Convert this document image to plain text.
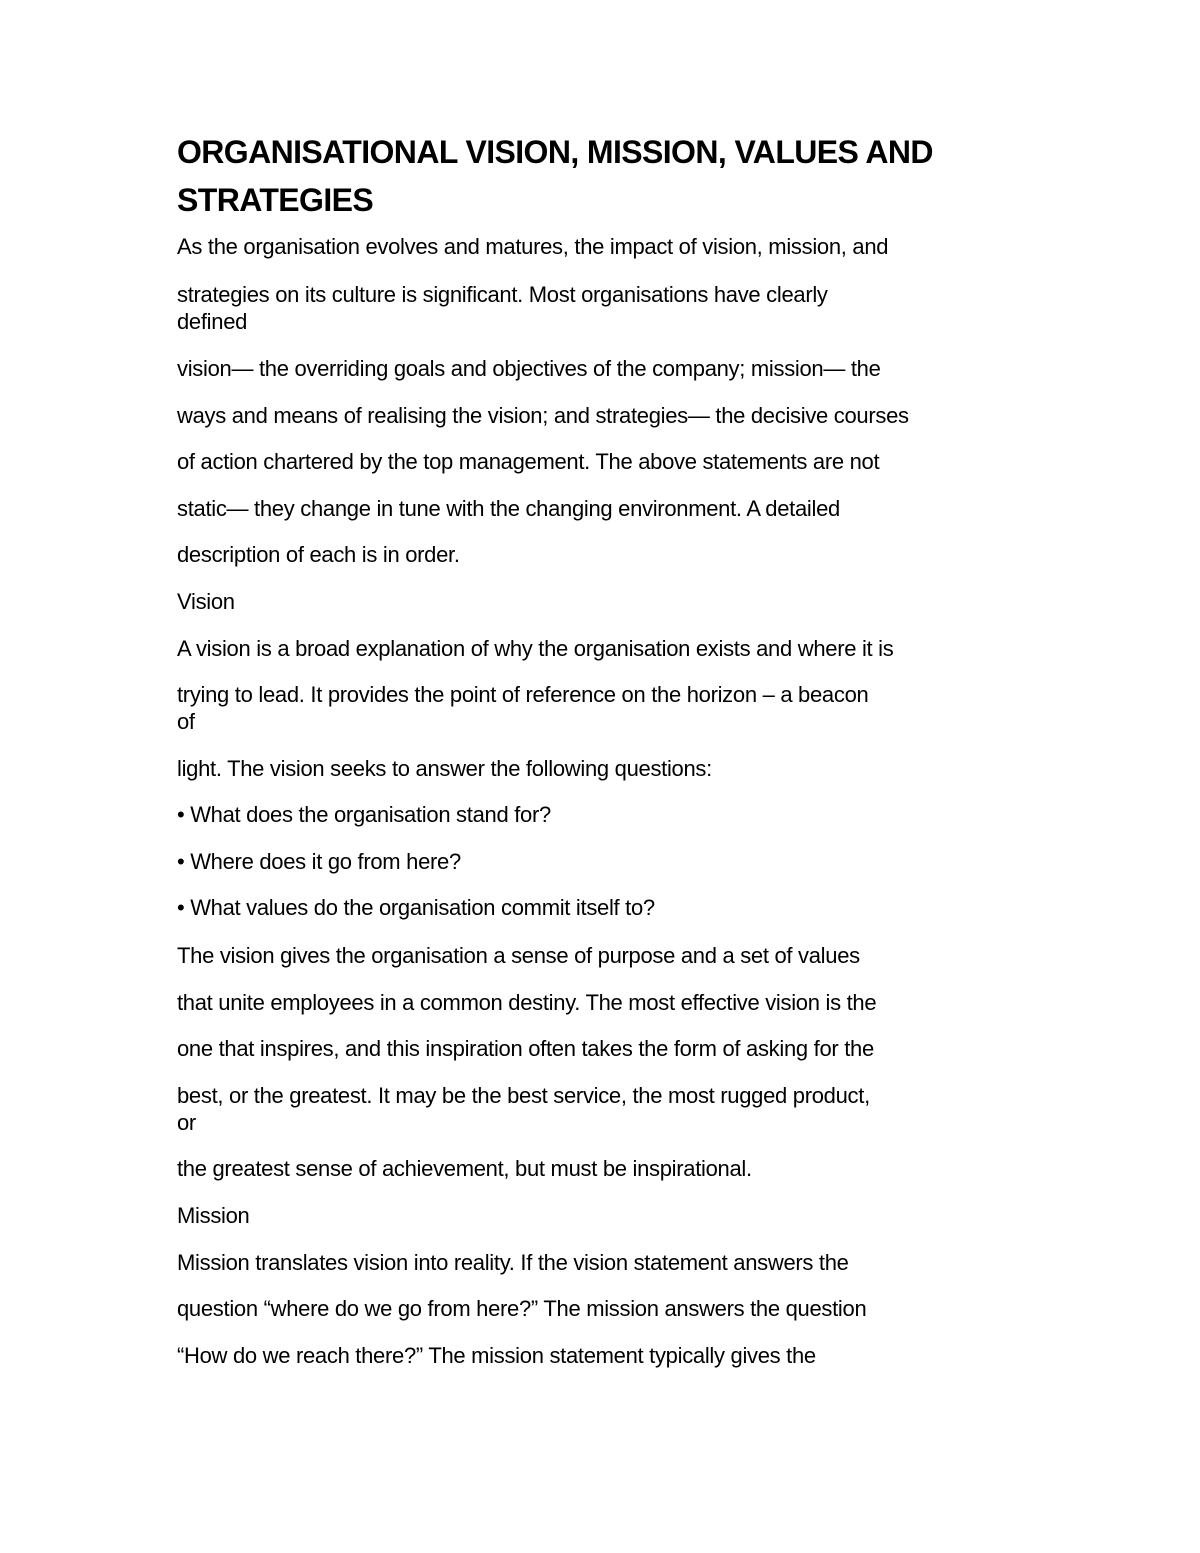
ORGANISATIONAL VISION, MISSION, VALUES AND STRATEGIES

As the organisation evolves and matures, the impact of vision, mission, and

strategies on its culture is significant. Most organisations have clearly

defined

vision— the overriding goals and objectives of the company; mission— the

ways and means of realising the vision; and strategies— the decisive courses

of action chartered by the top management. The above statements are not

static— they change in tune with the changing environment. A detailed

description of each is in order.

Vision

A vision is a broad explanation of why the organisation exists and where it is

trying to lead. It provides the point of reference on the horizon – a beacon

of

light. The vision seeks to answer the following questions:

• What does the organisation stand for?

• Where does it go from here?

• What values do the organisation commit itself to?

The vision gives the organisation a sense of purpose and a set of values

that unite employees in a common destiny. The most effective vision is the

one that inspires, and this inspiration often takes the form of asking for the

best, or the greatest. It may be the best service, the most rugged product,

or

the greatest sense of achievement, but must be inspirational.

Mission

Mission translates vision into reality. If the vision statement answers the

question “where do we go from here?” The mission answers the question

“How do we reach there?” The mission statement typically gives the
